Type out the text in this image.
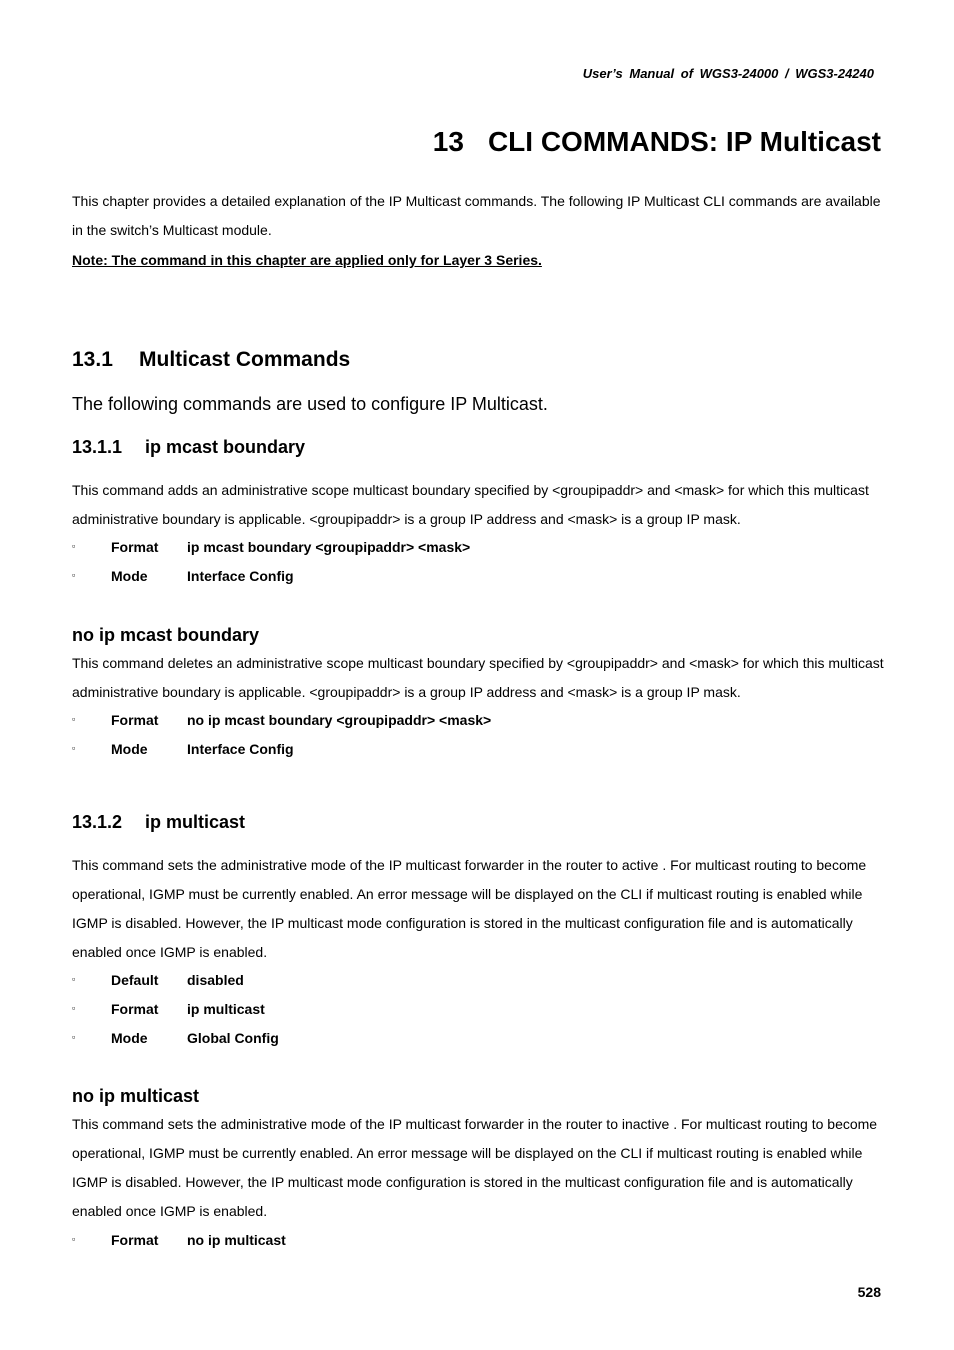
User’s Manual of WGS3-24000 / WGS3-24240
13 CLI COMMANDS: IP Multicast

This chapter provides a detailed explanation of the IP Multicast commands. The following IP Multicast CLI commands are available in the switch’s Multicast module.

Note: The command in this chapter are applied only for Layer 3 Series.
13.1 Multicast Commands
The following commands are used to configure IP Multicast.
13.1.1 ip mcast boundary

This command adds an administrative scope multicast boundary specified by <groupipaddr> and <mask> for which this multicast administrative boundary is applicable. <groupipaddr> is a group IP address and <mask> is a group IP mask.

▫	Format ip mcast boundary <groupipaddr> <mask>
▫	Mode	Interface Config
no ip mcast boundary

This command deletes an administrative scope multicast boundary specified by <groupipaddr> and <mask> for which this multicast administrative boundary is applicable. <groupipaddr> is a group IP address and <mask> is a group IP mask.

▫	Format no ip mcast boundary <groupipaddr> <mask>
▫	Mode	Interface Config
13.1.2 ip multicast

This command sets the administrative mode of the IP multicast forwarder in the router to active . For multicast routing to become operational, IGMP must be currently enabled. An error message will be displayed on the CLI if multicast routing is enabled while IGMP is disabled. However, the IP multicast mode configuration is stored in the multicast configuration file and is automatically enabled once IGMP is enabled.

▫	Default disabled
▫	Format ip multicast
▫	Mode	Global Config
no ip multicast

This command sets the administrative mode of the IP multicast forwarder in the router to inactive . For multicast routing to become operational, IGMP must be currently enabled. An error message will be displayed on the CLI if multicast routing is enabled while IGMP is disabled. However, the IP multicast mode configuration is stored in the multicast configuration file and is automatically enabled once IGMP is enabled.

▫	Format no ip multicast
528
